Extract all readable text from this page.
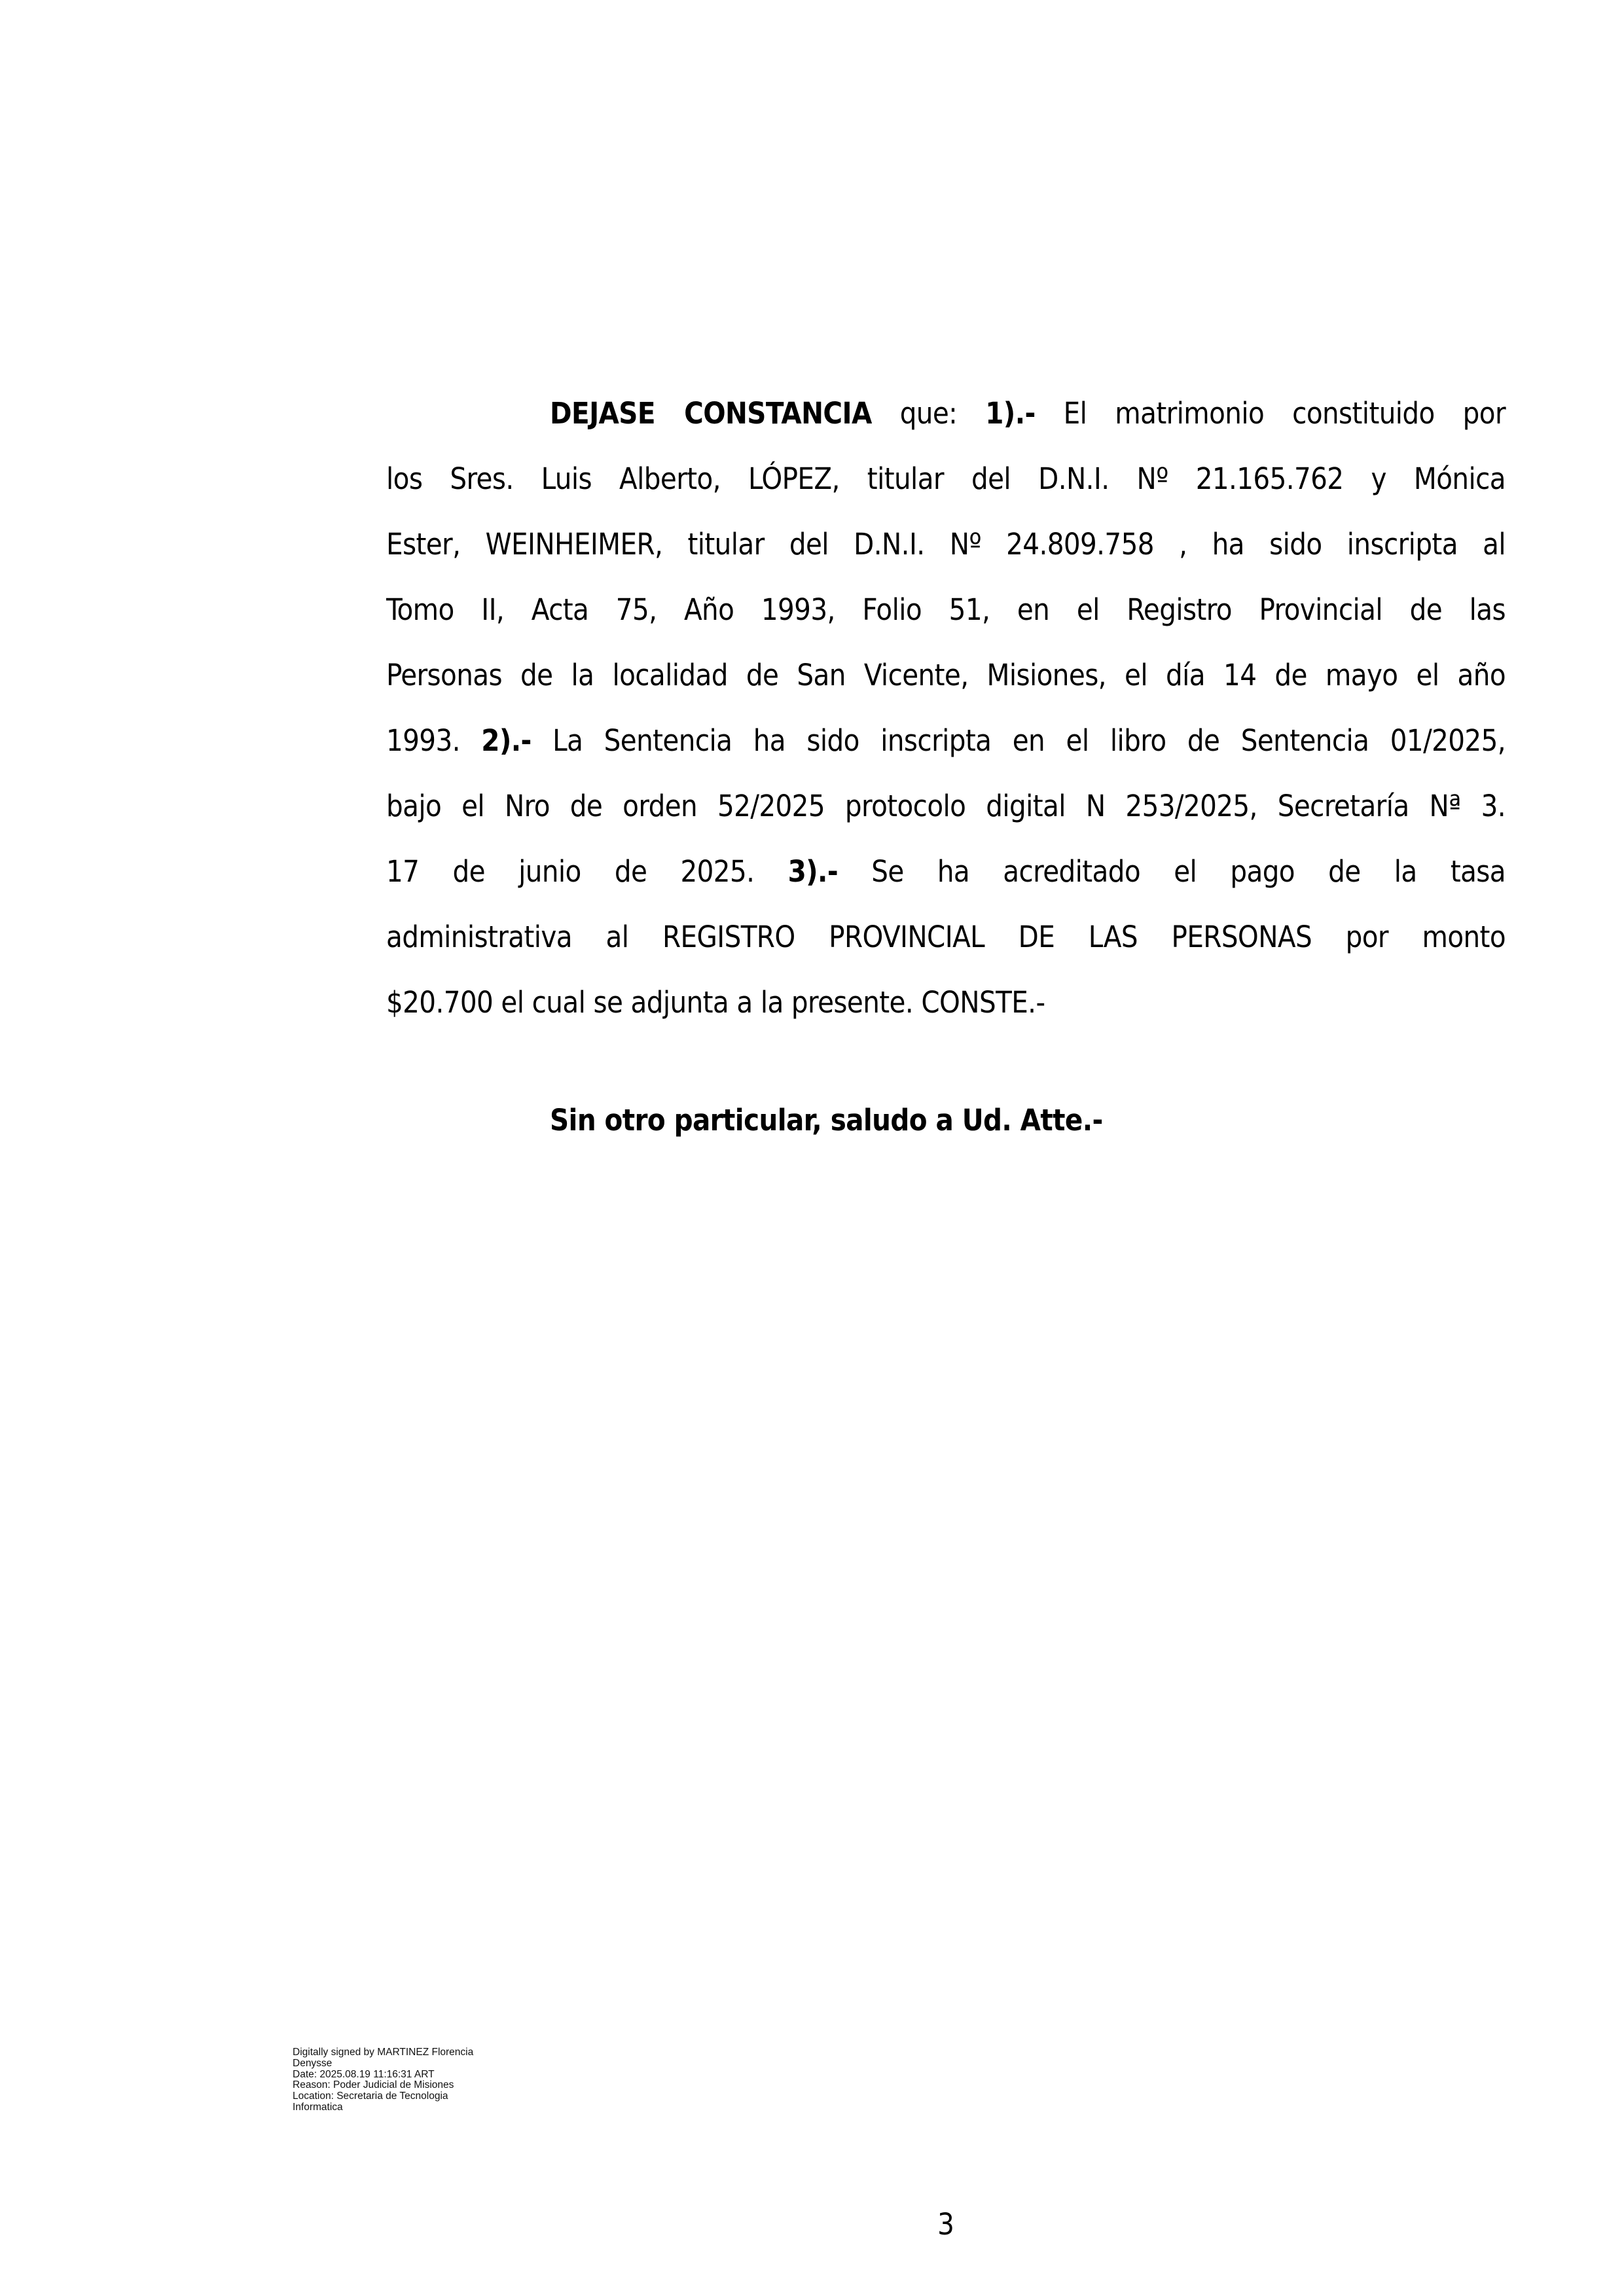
DEJASE CONSTANCIA que: 1).- El matrimonio constituido por
los Sres. Luis Alberto, LÓPEZ, titular del D.N.I. Nº 21.165.762 y Mónica
Ester, WEINHEIMER, titular del D.N.I. Nº 24.809.758 , ha sido inscripta al
Tomo II, Acta 75, Año 1993, Folio 51, en el Registro Provincial de las
Personas de la localidad de San Vicente, Misiones, el día 14 de mayo el año
1993. 2).- La Sentencia ha sido inscripta en el libro de Sentencia 01/2025,
bajo el Nro de orden 52/2025 protocolo digital N 253/2025, Secretaría Nª 3.
17 de junio de 2025. 3).- Se ha acreditado el pago de la tasa
administrativa al REGISTRO PROVINCIAL DE LAS PERSONAS por monto
$20.700 el cual se adjunta a la presente. CONSTE.-
Sin otro particular, saludo a Ud. Atte.-
Digitally signed by MARTINEZ Florencia
Denysse
Date: 2025.08.19 11:16:31 ART
Reason: Poder Judicial de Misiones
Location: Secretaria de Tecnologia
Informatica
3
